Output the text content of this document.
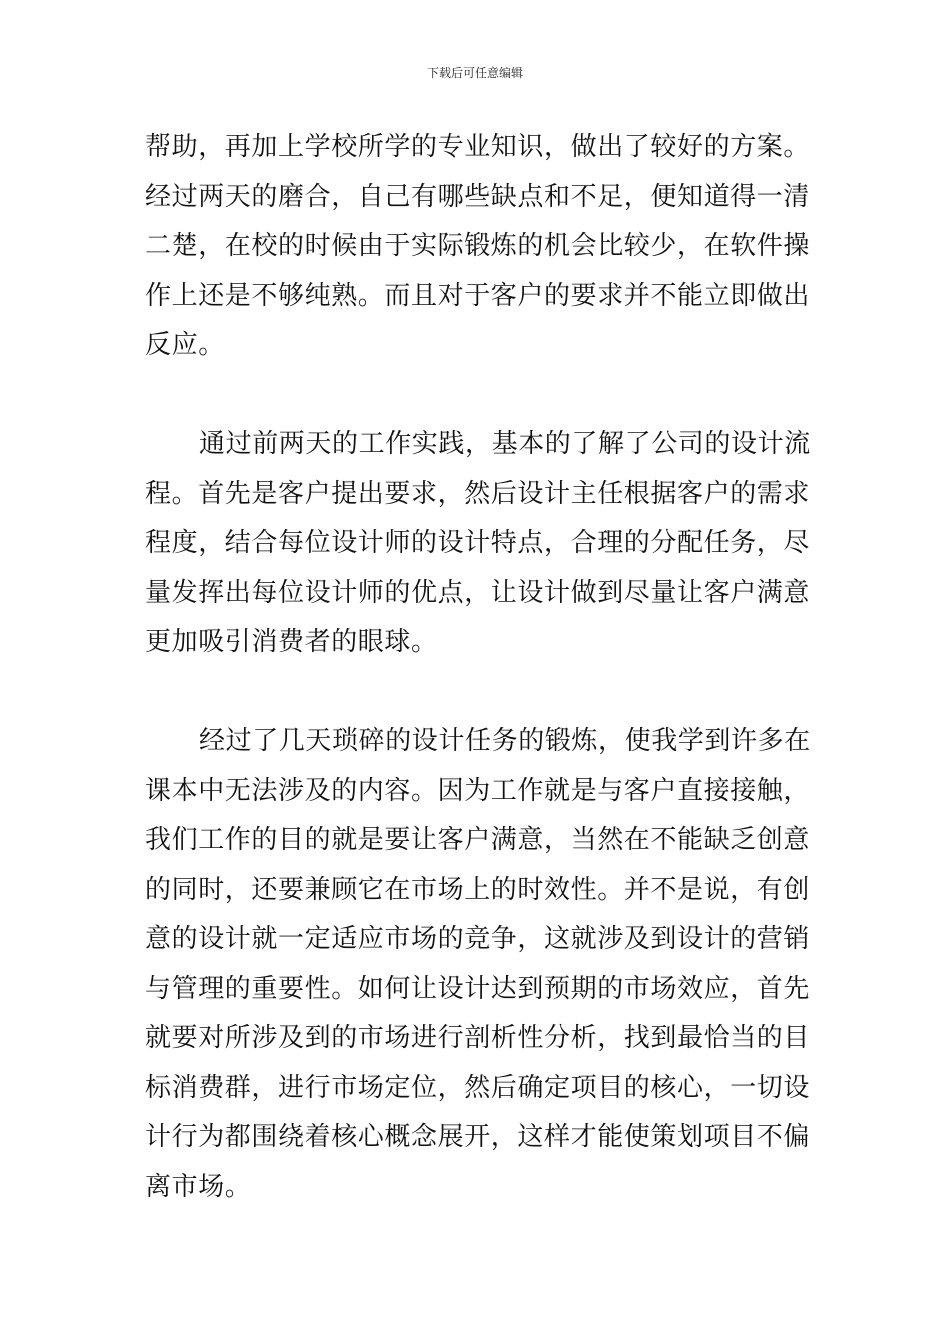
下载后可任意编辑
帮助，再加上学校所学的专业知识，做出了较好的方案。
经过两天的磨合，自己有哪些缺点和不足，便知道得一清
二楚，在校的时候由于实际锻炼的机会比较少，在软件操
作上还是不够纯熟。而且对于客户的要求并不能立即做出
反应。
通过前两天的工作实践，基本的了解了公司的设计流
程。首先是客户提出要求，然后设计主任根据客户的需求
程度，结合每位设计师的设计特点，合理的分配任务，尽
量发挥出每位设计师的优点，让设计做到尽量让客户满意
更加吸引消费者的眼球。
经过了几天琐碎的设计任务的锻炼，使我学到许多在
课本中无法涉及的内容。因为工作就是与客户直接接触，
我们工作的目的就是要让客户满意，当然在不能缺乏创意
的同时，还要兼顾它在市场上的时效性。并不是说，有创
意的设计就一定适应市场的竞争，这就涉及到设计的营销
与管理的重要性。如何让设计达到预期的市场效应，首先
就要对所涉及到的市场进行剖析性分析，找到最恰当的目
标消费群，进行市场定位，然后确定项目的核心，一切设
计行为都围绕着核心概念展开，这样才能使策划项目不偏
离市场。
